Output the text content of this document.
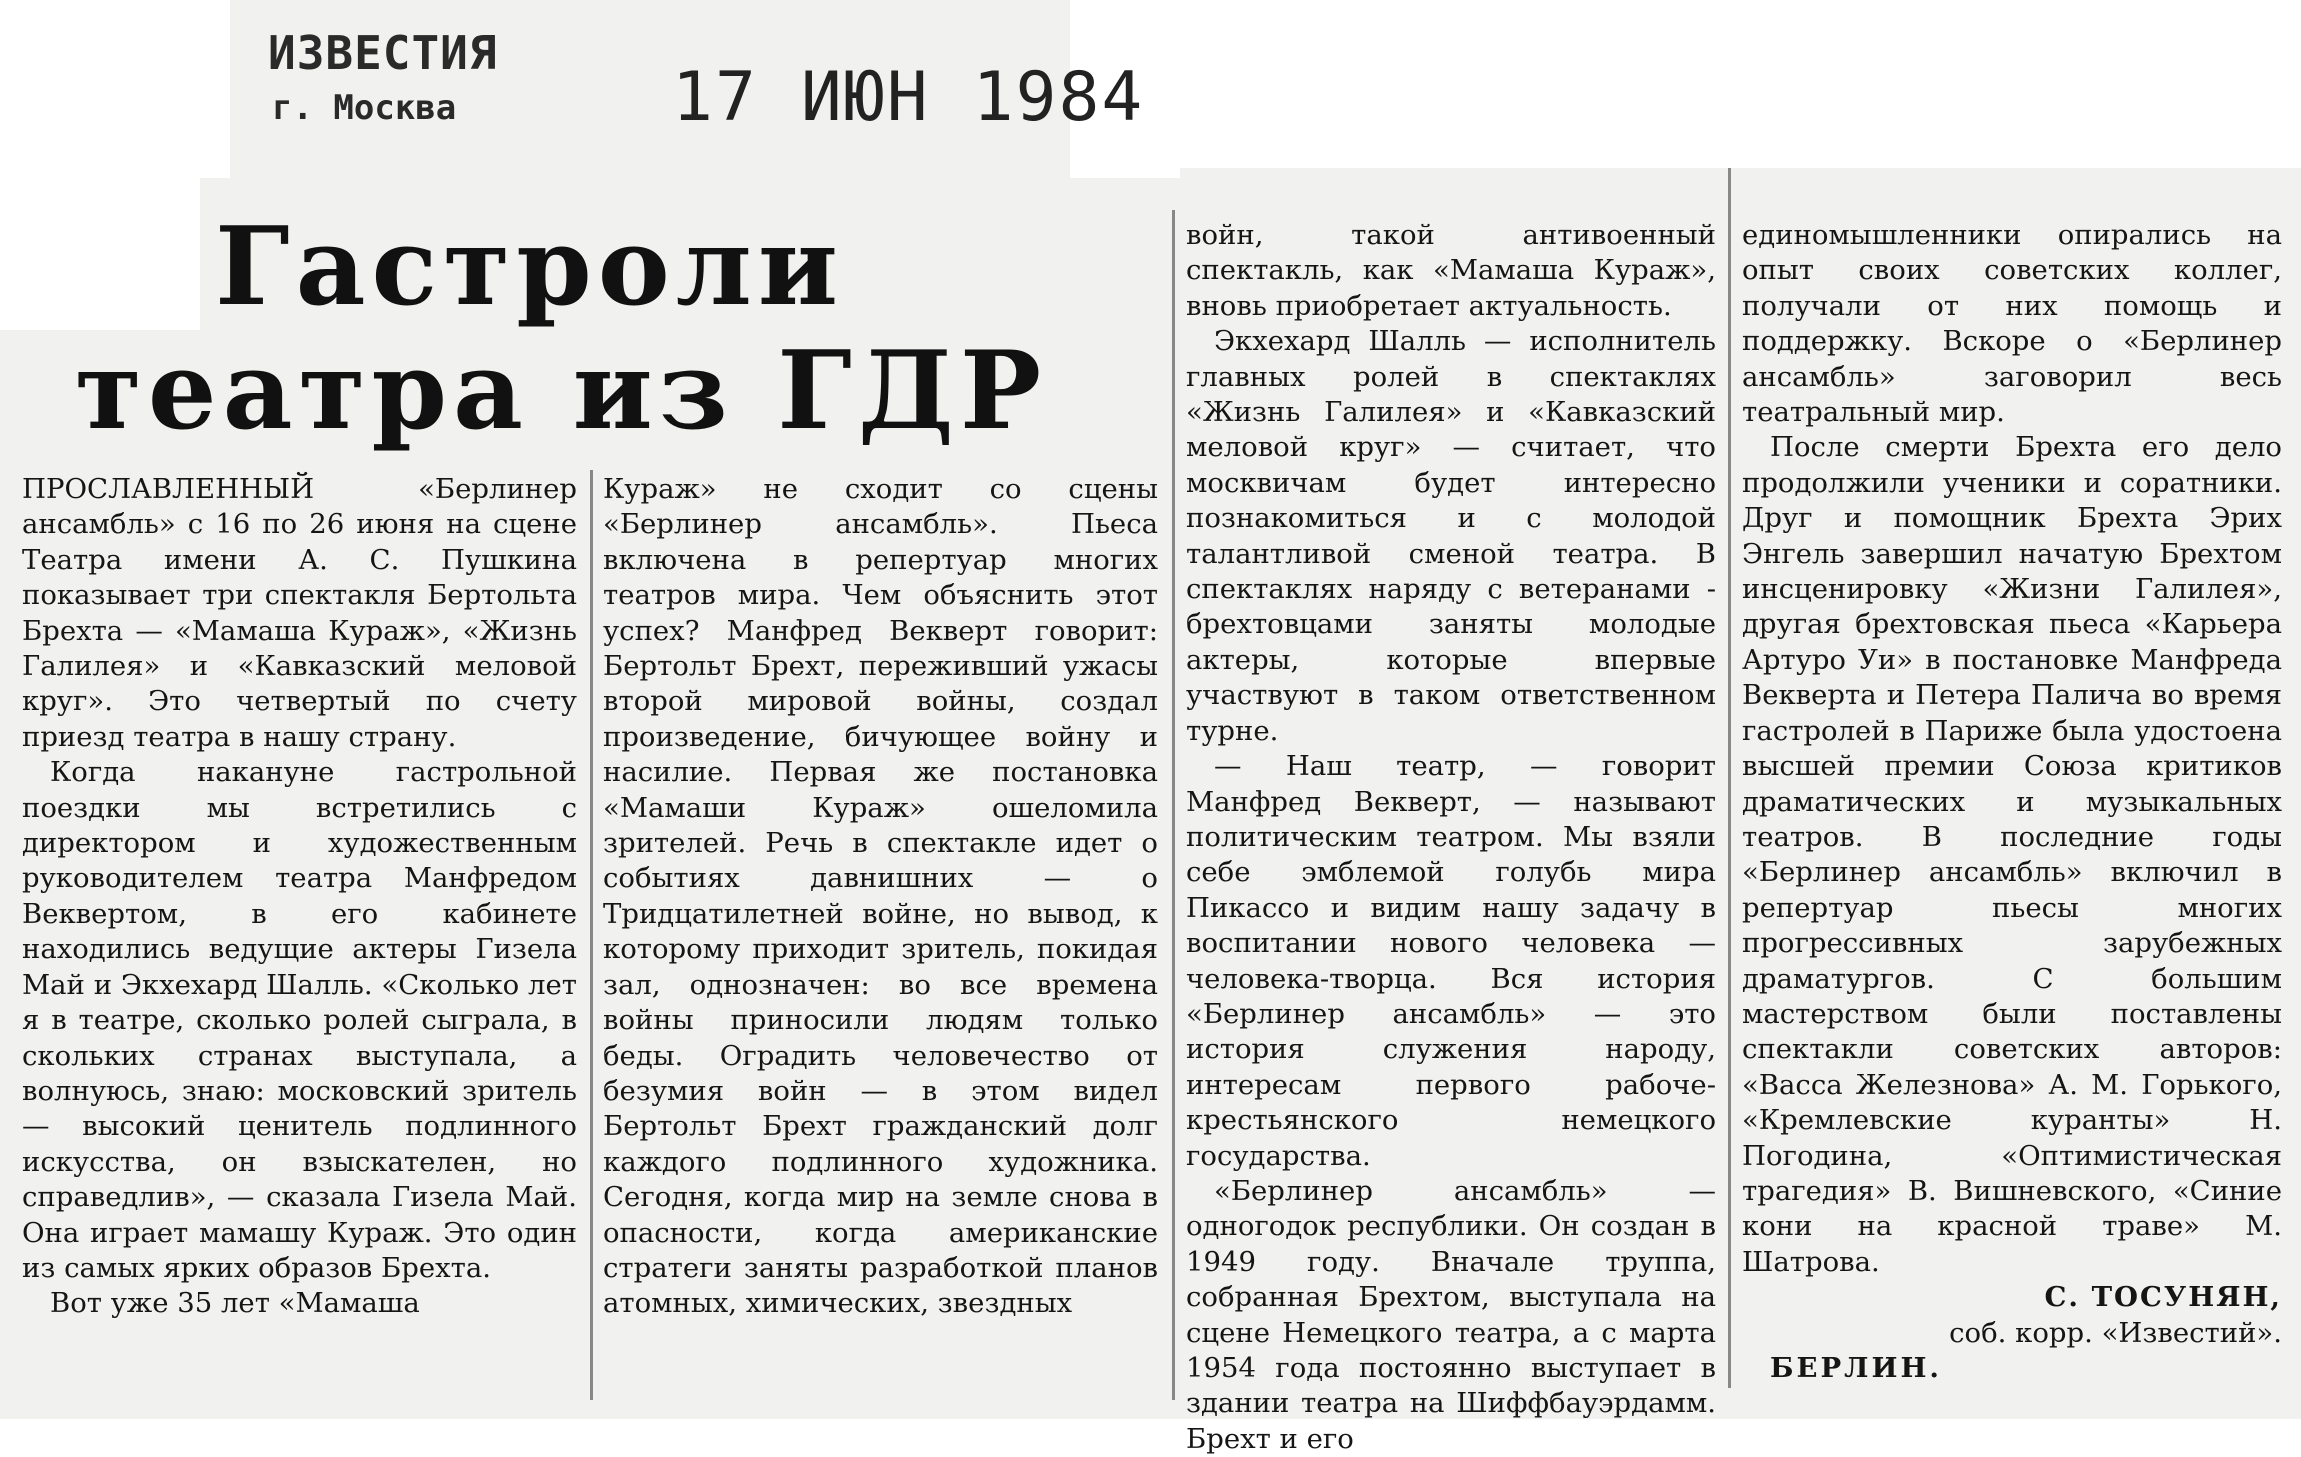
ИЗВЕСТИЯ
г. Москва	17 ИЮН 1984
Гастроли
театра из ГДР

ПРОСЛАВЛЕННЫЙ «Берлинер ансамбль» с 16 по 26 июня на сцене Театра имени А. С. Пушкина показывает три спектакля Бертольта Брехта — «Мамаша Кураж», «Жизнь Галилея» и «Кавказский меловой круг». Это четвертый по счету приезд театра в нашу страну.

Когда накануне гастрольной поездки мы встретились с директором и художественным руководителем театра Манфредом Веквертом, в его кабинете находились ведущие актеры Гизела Май и Экхехард Шалль. «Сколько лет я в театре, сколько ролей сыграла, в скольких странах выступала, а волнуюсь, знаю: московский зритель — высокий ценитель подлинного искусства, он взыскателен, но справедлив», — сказала Гизела Май. Она играет мамашу Кураж. Это один из самых ярких образов Брехта.

Вот уже 35 лет «Мамаша

Кураж» не сходит со сцены «Берлинер ансамбль». Пьеса включена в репертуар многих театров мира. Чем объяснить этот успех? Манфред Векверт говорит: Бертольт Брехт, переживший ужасы второй мировой войны, создал произведение, бичующее войну и насилие. Первая же постановка «Мамаши Кураж» ошеломила зрителей. Речь в спектакле идет о событиях давнишних — о Тридцатилетней войне, но вывод, к которому приходит зритель, покидая зал, однозначен: во все времена войны приносили людям только беды. Оградить человечество от безумия войн — в этом видел Бертольт Брехт гражданский долг каждого подлинного художника. Сегодня, когда мир на земле снова в опасности, когда американские стратеги заняты разработкой планов атомных, химических, звездных

войн, такой антивоенный спектакль, как «Мамаша Кураж», вновь приобретает актуальность.

Экхехард Шалль — исполнитель главных ролей в спектаклях «Жизнь Галилея» и «Кавказский меловой круг» — считает, что москвичам будет интересно познакомиться и с молодой талантливой сменой театра. В спектаклях наряду с ветеранами - брехтовцами заняты молодые актеры, которые впервые участвуют в таком ответственном турне.

— Наш театр, — говорит Манфред Векверт, — называют политическим театром. Мы взяли себе эмблемой голубь мира Пикассо и видим нашу задачу в воспитании нового человека — человека-творца. Вся история «Берлинер ансамбль» — это история служения народу, интересам первого рабоче-крестьянского немецкого государства.

«Берлинер ансамбль» — одногодок республики. Он создан в 1949 году. Вначале труппа, собранная Брехтом, выступала на сцене Немецкого театра, а с марта 1954 года постоянно выступает в здании театра на Шиффбауэрдамм. Брехт и его

единомышленники опирались на опыт своих советских коллег, получали от них помощь и поддержку. Вскоре о «Берлинер ансамбль» заговорил весь театральный мир.

После смерти Брехта его дело продолжили ученики и соратники. Друг и помощник Брехта Эрих Энгель завершил начатую Брехтом инсценировку «Жизни Галилея», другая брехтовская пьеса «Карьера Артуро Уи» в постановке Манфреда Векверта и Петера Палича во время гастролей в Париже была удостоена высшей премии Союза критиков драматических и музыкальных театров. В последние годы «Берлинер ансамбль» включил в репертуар пьесы многих прогрессивных зарубежных драматургов. С большим мастерством были поставлены спектакли советских авторов: «Васса Железнова» А. М. Горького, «Кремлевские куранты» Н. Погодина, «Оптимистическая трагедия» В. Вишневского, «Синие кони на красной траве» М. Шатрова.

С. ТОСУНЯН,

соб. корр. «Известий».

БЕРЛИН.
